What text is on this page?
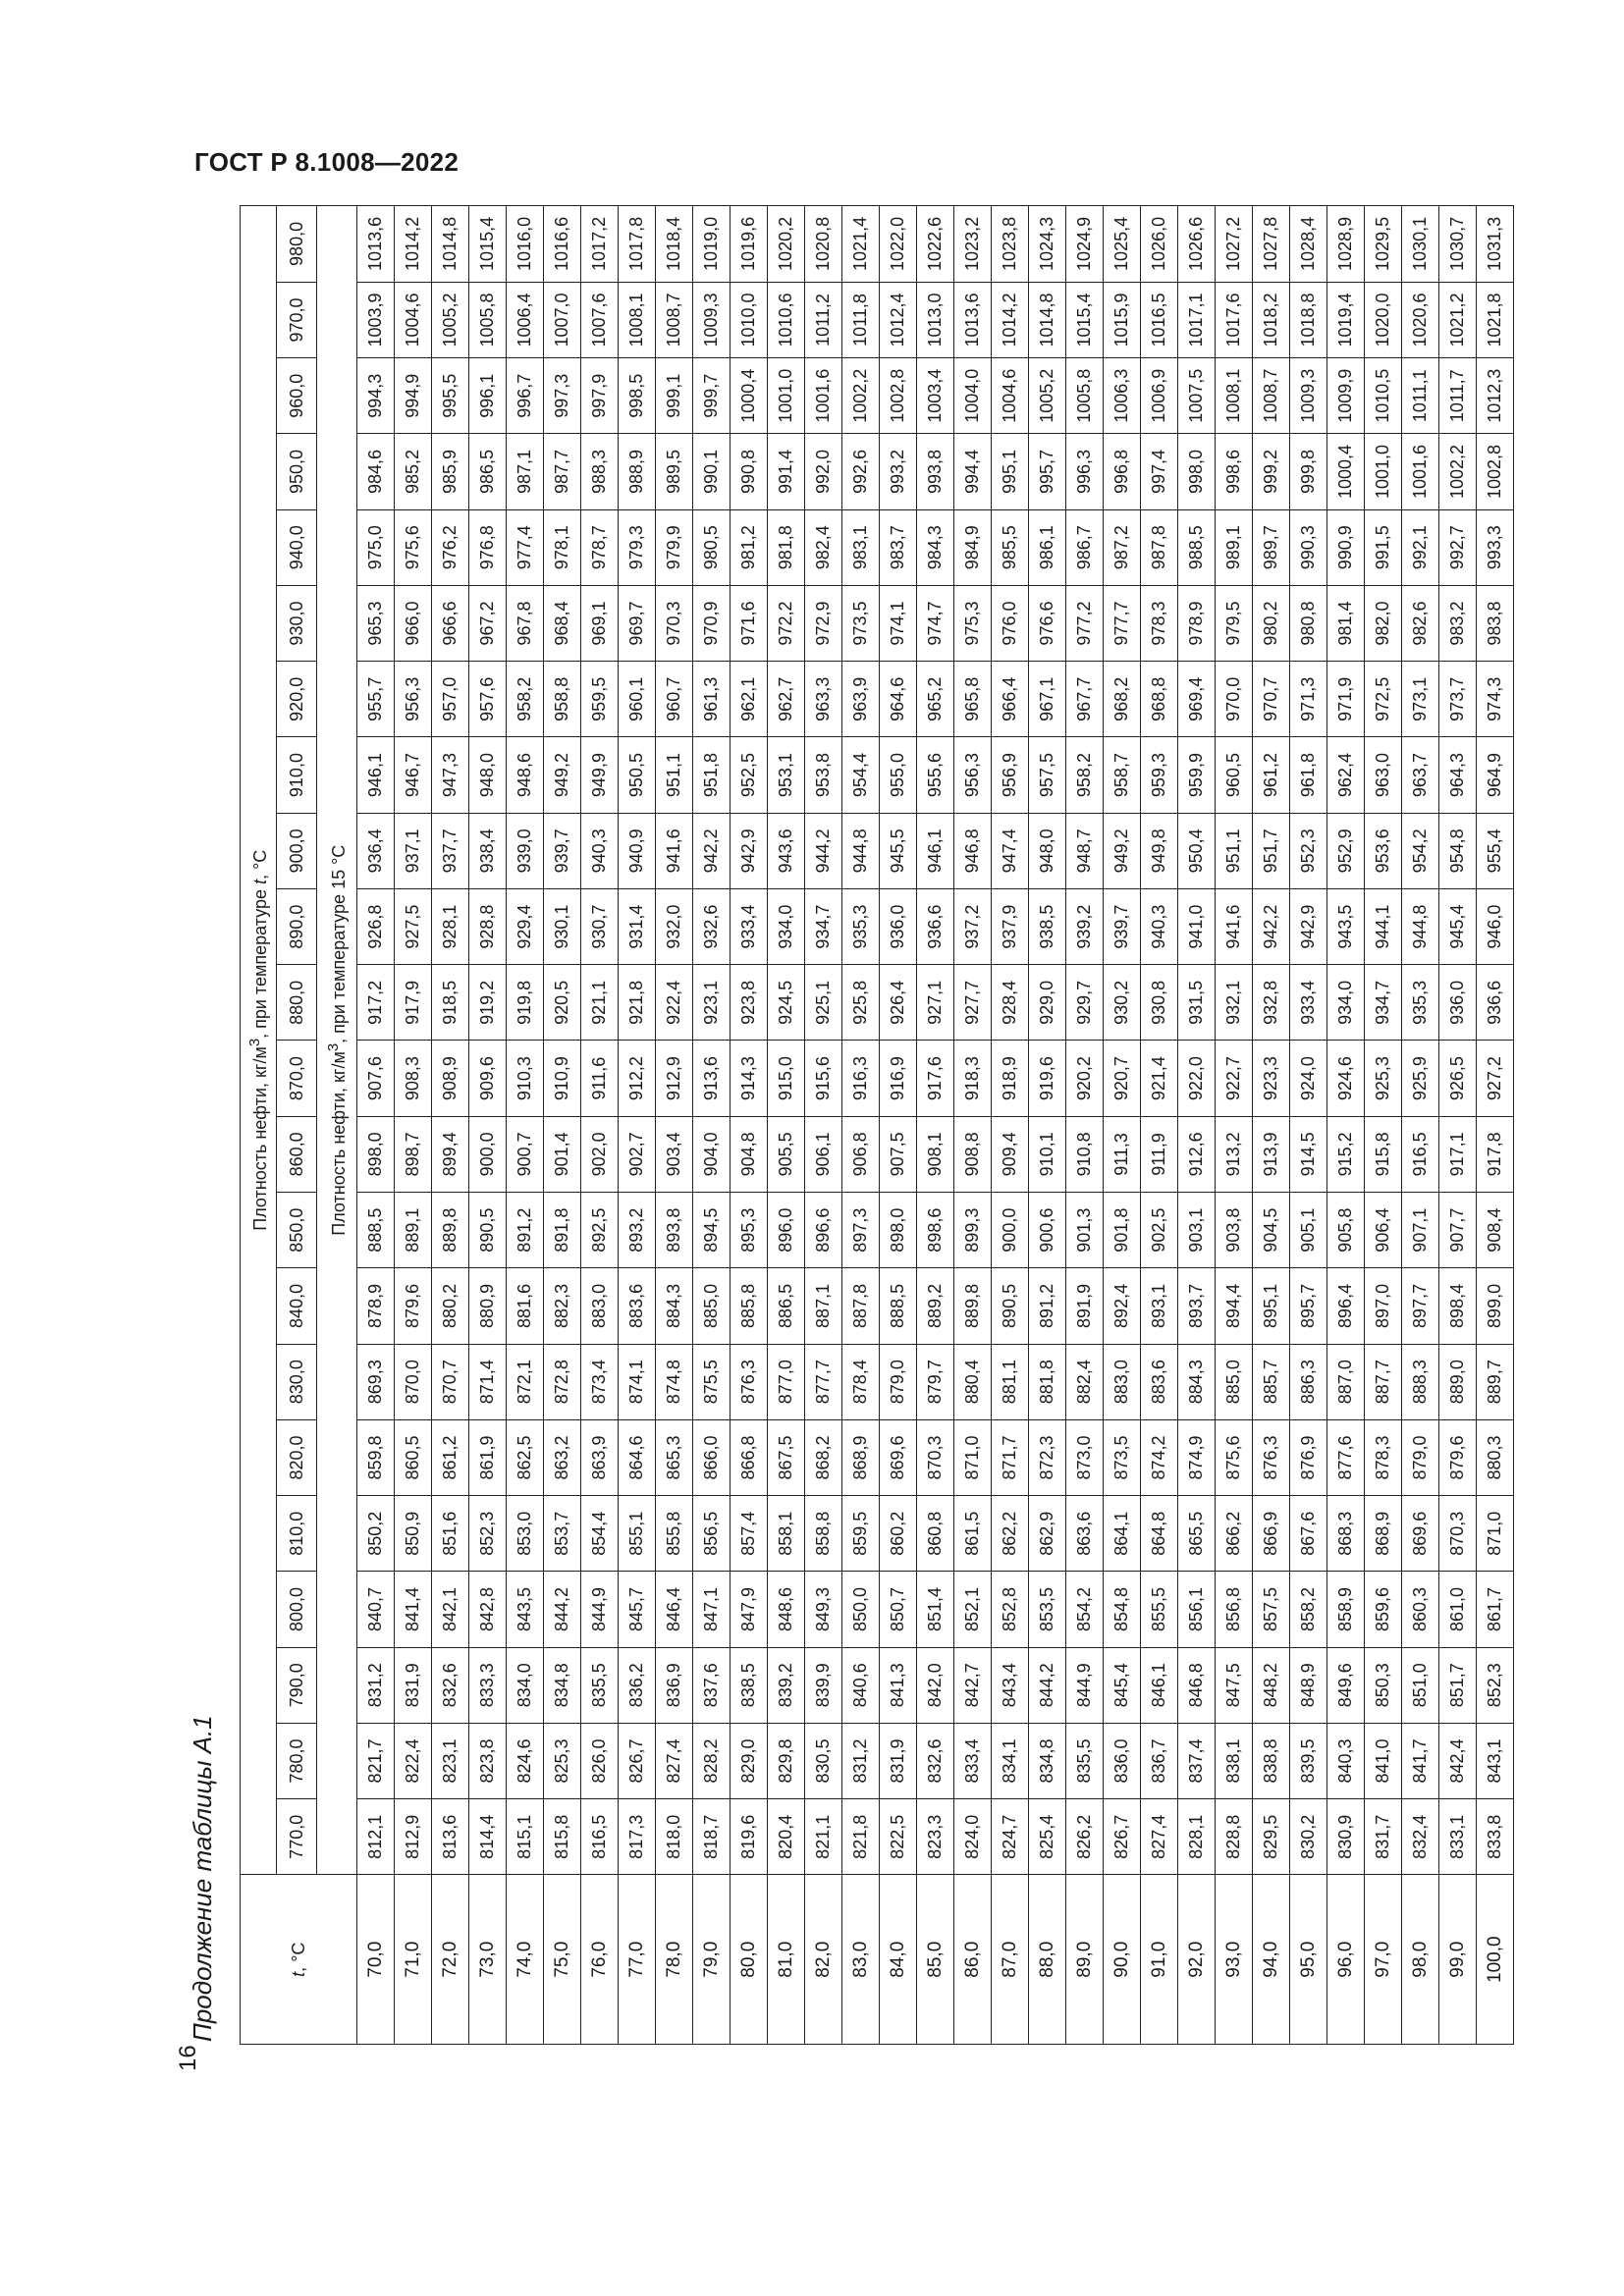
ГОСТ Р 8.1008—2022
16
Продолжение таблицы А.1	t, °C	Плотность нефти, $кг/м^3$, при температуре t, °C																					
	770,0	780,0	790,0	800,0	810,0	820,0	830,0	840,0	850,0	860,0	870,0	880,0	890,0	900,0	910,0	920,0	930,0	940,0	950,0	960,0	970,0	980,0
	Плотность нефти, $кг/м^3$, при температуре 15 °C																					
70,0	812,1	821,7	831,2	840,7	850,2	859,8	869,3	878,9	888,5	898,0	907,6	917,2	926,8	936,4	946,1	955,7	965,3	975,0	984,6	994,3	1003,9	1013,6
71,0	812,9	822,4	831,9	841,4	850,9	860,5	870,0	879,6	889,1	898,7	908,3	917,9	927,5	937,1	946,7	956,3	966,0	975,6	985,2	994,9	1004,6	1014,2
72,0	813,6	823,1	832,6	842,1	851,6	861,2	870,7	880,2	889,8	899,4	908,9	918,5	928,1	937,7	947,3	957,0	966,6	976,2	985,9	995,5	1005,2	1014,8
73,0	814,4	823,8	833,3	842,8	852,3	861,9	871,4	880,9	890,5	900,0	909,6	919,2	928,8	938,4	948,0	957,6	967,2	976,8	986,5	996,1	1005,8	1015,4
74,0	815,1	824,6	834,0	843,5	853,0	862,5	872,1	881,6	891,2	900,7	910,3	919,8	929,4	939,0	948,6	958,2	967,8	977,4	987,1	996,7	1006,4	1016,0
75,0	815,8	825,3	834,8	844,2	853,7	863,2	872,8	882,3	891,8	901,4	910,9	920,5	930,1	939,7	949,2	958,8	968,4	978,1	987,7	997,3	1007,0	1016,6
76,0	816,5	826,0	835,5	844,9	854,4	863,9	873,4	883,0	892,5	902,0	911,6	921,1	930,7	940,3	949,9	959,5	969,1	978,7	988,3	997,9	1007,6	1017,2
77,0	817,3	826,7	836,2	845,7	855,1	864,6	874,1	883,6	893,2	902,7	912,2	921,8	931,4	940,9	950,5	960,1	969,7	979,3	988,9	998,5	1008,1	1017,8
78,0	818,0	827,4	836,9	846,4	855,8	865,3	874,8	884,3	893,8	903,4	912,9	922,4	932,0	941,6	951,1	960,7	970,3	979,9	989,5	999,1	1008,7	1018,4
79,0	818,7	828,2	837,6	847,1	856,5	866,0	875,5	885,0	894,5	904,0	913,6	923,1	932,6	942,2	951,8	961,3	970,9	980,5	990,1	999,7	1009,3	1019,0
80,0	819,6	829,0	838,5	847,9	857,4	866,8	876,3	885,8	895,3	904,8	914,3	923,8	933,4	942,9	952,5	962,1	971,6	981,2	990,8	1000,4	1010,0	1019,6
81,0	820,4	829,8	839,2	848,6	858,1	867,5	877,0	886,5	896,0	905,5	915,0	924,5	934,0	943,6	953,1	962,7	972,2	981,8	991,4	1001,0	1010,6	1020,2
82,0	821,1	830,5	839,9	849,3	858,8	868,2	877,7	887,1	896,6	906,1	915,6	925,1	934,7	944,2	953,8	963,3	972,9	982,4	992,0	1001,6	1011,2	1020,8
83,0	821,8	831,2	840,6	850,0	859,5	868,9	878,4	887,8	897,3	906,8	916,3	925,8	935,3	944,8	954,4	963,9	973,5	983,1	992,6	1002,2	1011,8	1021,4
84,0	822,5	831,9	841,3	850,7	860,2	869,6	879,0	888,5	898,0	907,5	916,9	926,4	936,0	945,5	955,0	964,6	974,1	983,7	993,2	1002,8	1012,4	1022,0
85,0	823,3	832,6	842,0	851,4	860,8	870,3	879,7	889,2	898,6	908,1	917,6	927,1	936,6	946,1	955,6	965,2	974,7	984,3	993,8	1003,4	1013,0	1022,6
86,0	824,0	833,4	842,7	852,1	861,5	871,0	880,4	889,8	899,3	908,8	918,3	927,7	937,2	946,8	956,3	965,8	975,3	984,9	994,4	1004,0	1013,6	1023,2
87,0	824,7	834,1	843,4	852,8	862,2	871,7	881,1	890,5	900,0	909,4	918,9	928,4	937,9	947,4	956,9	966,4	976,0	985,5	995,1	1004,6	1014,2	1023,8
88,0	825,4	834,8	844,2	853,5	862,9	872,3	881,8	891,2	900,6	910,1	919,6	929,0	938,5	948,0	957,5	967,1	976,6	986,1	995,7	1005,2	1014,8	1024,3
89,0	826,2	835,5	844,9	854,2	863,6	873,0	882,4	891,9	901,3	910,8	920,2	929,7	939,2	948,7	958,2	967,7	977,2	986,7	996,3	1005,8	1015,4	1024,9
90,0	826,7	836,0	845,4	854,8	864,1	873,5	883,0	892,4	901,8	911,3	920,7	930,2	939,7	949,2	958,7	968,2	977,7	987,2	996,8	1006,3	1015,9	1025,4
91,0	827,4	836,7	846,1	855,5	864,8	874,2	883,6	893,1	902,5	911,9	921,4	930,8	940,3	949,8	959,3	968,8	978,3	987,8	997,4	1006,9	1016,5	1026,0
92,0	828,1	837,4	846,8	856,1	865,5	874,9	884,3	893,7	903,1	912,6	922,0	931,5	941,0	950,4	959,9	969,4	978,9	988,5	998,0	1007,5	1017,1	1026,6
93,0	828,8	838,1	847,5	856,8	866,2	875,6	885,0	894,4	903,8	913,2	922,7	932,1	941,6	951,1	960,5	970,0	979,5	989,1	998,6	1008,1	1017,6	1027,2
94,0	829,5	838,8	848,2	857,5	866,9	876,3	885,7	895,1	904,5	913,9	923,3	932,8	942,2	951,7	961,2	970,7	980,2	989,7	999,2	1008,7	1018,2	1027,8
95,0	830,2	839,5	848,9	858,2	867,6	876,9	886,3	895,7	905,1	914,5	924,0	933,4	942,9	952,3	961,8	971,3	980,8	990,3	999,8	1009,3	1018,8	1028,4
96,0	830,9	840,3	849,6	858,9	868,3	877,6	887,0	896,4	905,8	915,2	924,6	934,0	943,5	952,9	962,4	971,9	981,4	990,9	1000,4	1009,9	1019,4	1028,9
97,0	831,7	841,0	850,3	859,6	868,9	878,3	887,7	897,0	906,4	915,8	925,3	934,7	944,1	953,6	963,0	972,5	982,0	991,5	1001,0	1010,5	1020,0	1029,5
98,0	832,4	841,7	851,0	860,3	869,6	879,0	888,3	897,7	907,1	916,5	925,9	935,3	944,8	954,2	963,7	973,1	982,6	992,1	1001,6	1011,1	1020,6	1030,1
99,0	833,1	842,4	851,7	861,0	870,3	879,6	889,0	898,4	907,7	917,1	926,5	936,0	945,4	954,8	964,3	973,7	983,2	992,7	1002,2	1011,7	1021,2	1030,7
100,0	833,8	843,1	852,3	861,7	871,0	880,3	889,7	899,0	908,4	917,8	927,2	936,6	946,0	955,4	964,9	974,3	983,8	993,3	1002,8	1012,3	1021,8	1031,3
